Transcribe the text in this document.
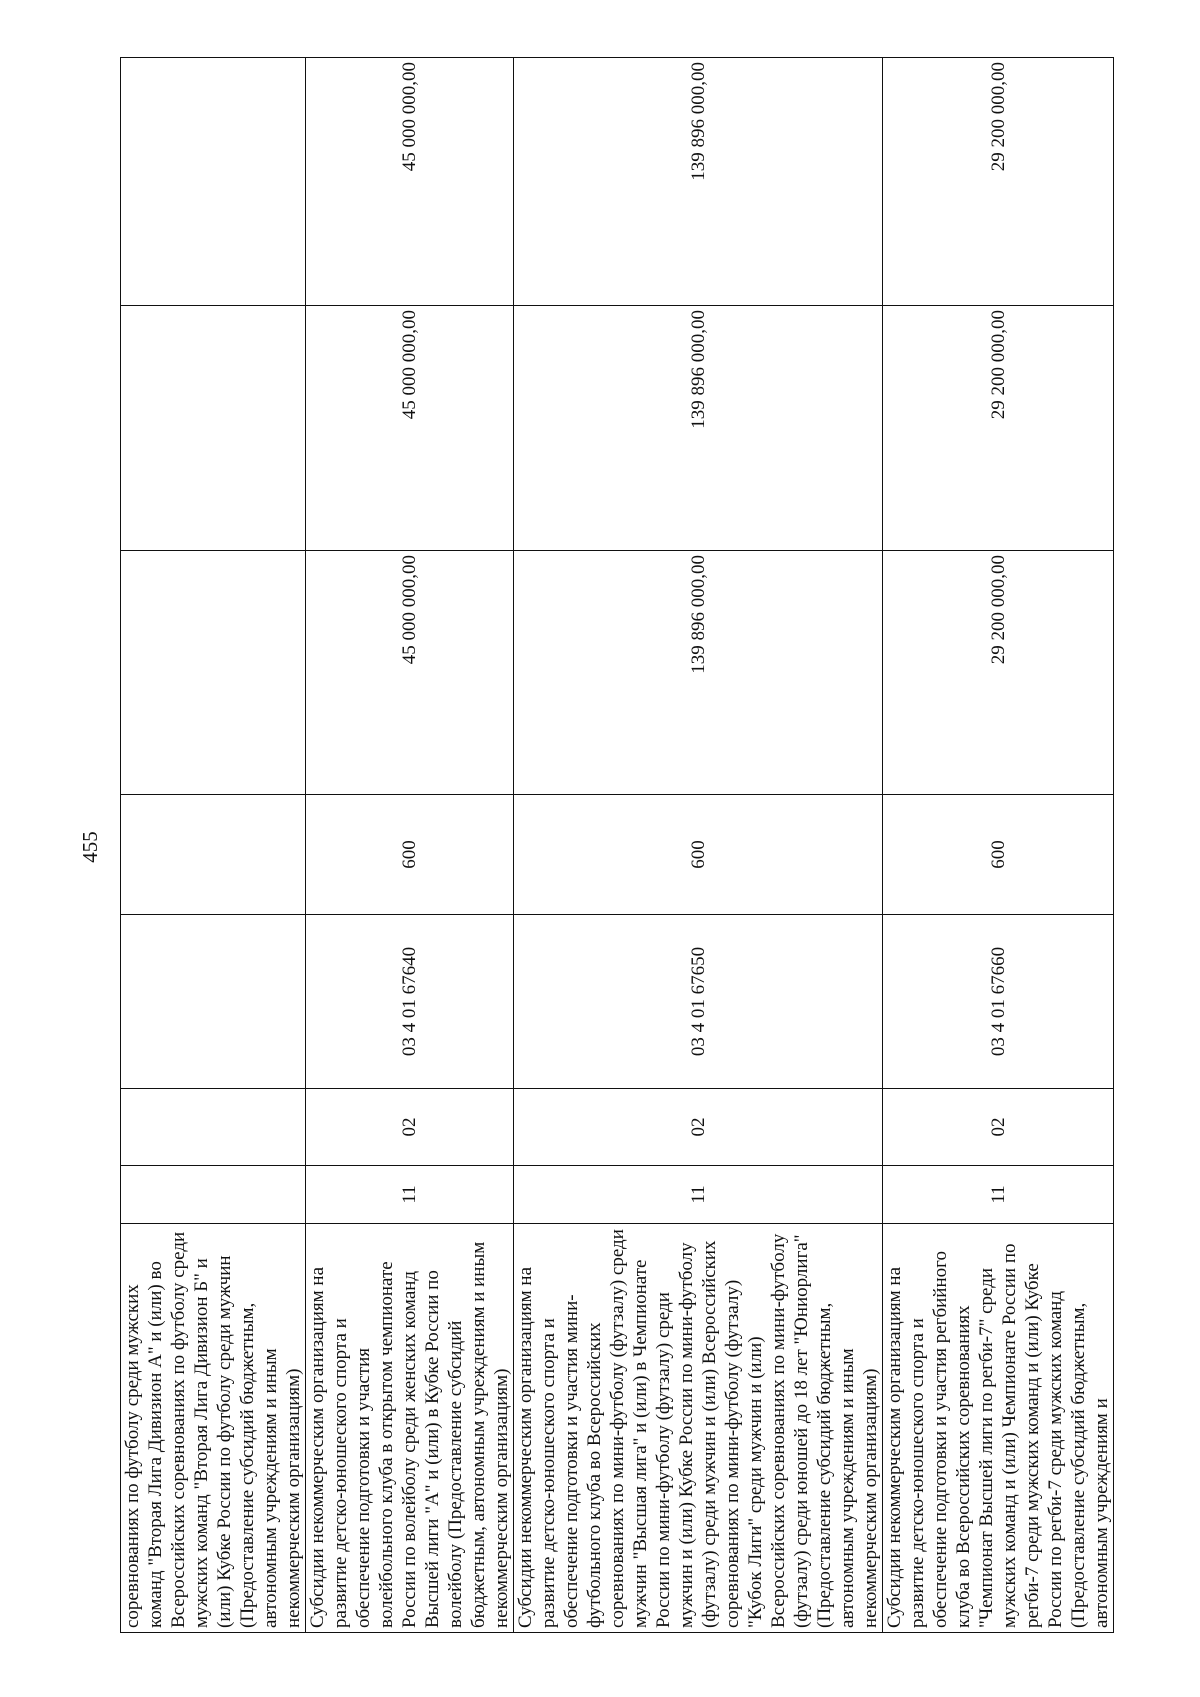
455
соревнованиях по футболу среди мужских команд "Вторая Лига Дивизион А" и (или) во Всероссийских соревнованиях по футболу среди мужских команд "Вторая Лига Дивизион Б" и (или) Кубке России по футболу среди мужчин (Предоставление субсидий бюджетным, автономным учреждениям и иным некоммерческим организациям)							
Субсидии некоммерческим организациям на развитие детско-юношеского спорта и обеспечение подготовки и участия волейбольного клуба в открытом чемпионате России по волейболу среди женских команд Высшей лиги "А" и (или) в Кубке России по волейболу (Предоставление субсидий бюджетным, автономным учреждениям и иным некоммерческим организациям)	11	02	03 4 01 67640	600	45 000 000,00	45 000 000,00	45 000 000,00
Субсидии некоммерческим организациям на развитие детско-юношеского спорта и обеспечение подготовки и участия мини-футбольного клуба во Всероссийских соревнованиях по мини-футболу (футзалу) среди мужчин "Высшая лига" и (или) в Чемпионате России по мини-футболу (футзалу) среди мужчин и (или) Кубке России по мини-футболу (футзалу) среди мужчин и (или) Всероссийских соревнованиях по мини-футболу (футзалу) "Кубок Лиги" среди мужчин и (или) Всероссийских соревнованиях по мини-футболу (футзалу) среди юношей до 18 лет "Юниорлига" (Предоставление субсидий бюджетным, автономным учреждениям и иным некоммерческим организациям)	11	02	03 4 01 67650	600	139 896 000,00	139 896 000,00	139 896 000,00
Субсидии некоммерческим организациям на развитие детско-юношеского спорта и обеспечение подготовки и участия регбийного клуба во Всероссийских соревнованиях "Чемпионат Высшей лиги по регби-7" среди мужских команд и (или) Чемпионате России по регби-7 среди мужских команд и (или) Кубке России по регби-7 среди мужских команд (Предоставление субсидий бюджетным, автономным учреждениям и	11	02	03 4 01 67660	600	29 200 000,00	29 200 000,00	29 200 000,00
